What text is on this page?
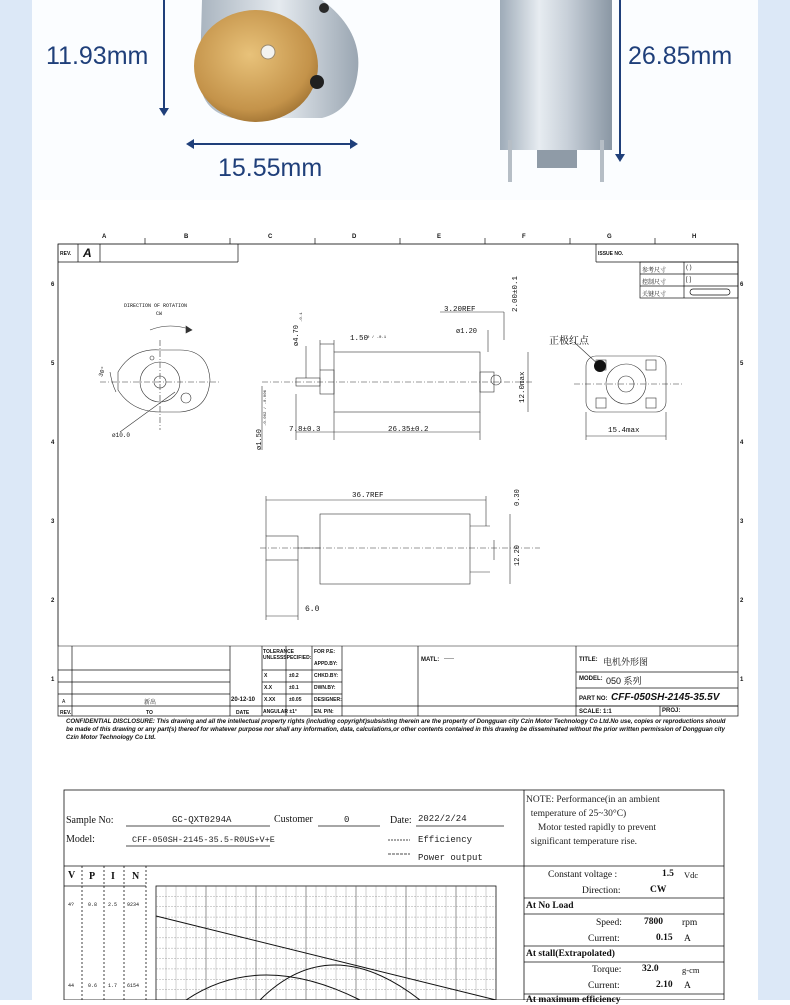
11.93mm
15.55mm
26.85mm
A	B	C	D	E	F	G	H
6
5
4
3
2
1
6
5
4
3
2
1
REV. A	ISSUE NO.
参考尺寸	( )
控制尺寸	[ ]
关键尺寸
DIRECTION OF ROTATION
CW
30°
ø10.0
ø4.70
-0.1
1.50
0 / -0.1
ø1.50
-0.002 / -0.006
7.8±0.3	26.35±0.2
3.20REF
ø1.20
2.00±0.1
12.0max
正极红点
15.4max
36.7REF	0.30
12.20
6.0
TOLERANCE UNLESSSPECIFIED:
X	±0.2
X.X	±0.1
X.XX	±0.05
ANGULAR ±1°
FOR P.E:
APPD.BY:
CHKD.BY:
DWN.BY:
DESIGNER:
EN. P/N:
MATL: -----	TITLE: 电机外形图
MODEL: 050 系列
PART NO: CFF-050SH-2145-35.5V
SCALE: 1:1	PROJ:
A	新出	20-12-10
REV.	TO	DATE
CONFIDENTIAL DISCLOSURE: This drawing and all the intellectual property rights (including copyright)subsisting therein are the property of Dongguan city Czin Motor Technology Co Ltd.No use, copies or reproductions should be made of this drawing or any part(s) thereof for whatever purpose nor shall any information, data, calculations,or other contents contained in this drawing be disseminated without the prior written permission of Dongguan city Czin Motor Technology Co Ltd.
Sample No:	GC-QXT0294A	Customer	0	Date: 2022/2/24
Model:	CFF-050SH-2145-35.5-R0US+V+E	Efficiency
Power output
V P I N
4?	0.8 2.5 9234
44	0.6 1.7 6154
NOTE: Performance(in an ambient
temperature of 25~30°C)
Motor tested rapidly to prevent
significant temperature rise.
Constant voltage :	1.5 Vdc
Direction:	CW
At No Load
Speed: 7800 rpm
Current:	0.15 A
At stall(Extrapolated)
Torque: 32.0	g-cm
Current:	2.10 A
At maximum efficiency
